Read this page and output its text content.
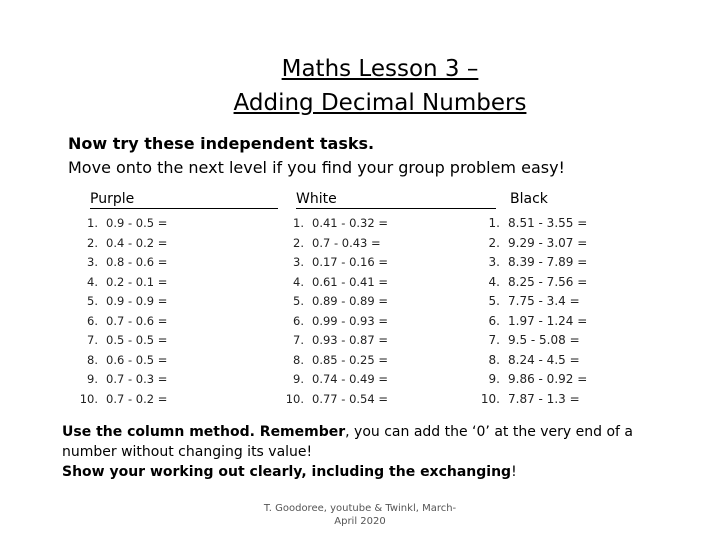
Maths Lesson 3 –
Adding Decimal Numbers
Now try these independent tasks.
Move onto the next level if you find your group problem easy!
Purple	White	Black
1. 0.9 - 0.5 =
2. 0.4 - 0.2 =
3. 0.8 - 0.6 =
4. 0.2 - 0.1 =
5. 0.9 - 0.9 =
6. 0.7 - 0.6 =
7. 0.5 - 0.5 =
8. 0.6 - 0.5 =
9. 0.7 - 0.3 =
10. 0.7 - 0.2 =
1. 0.41 - 0.32 =
2. 0.7 - 0.43 =
3. 0.17 - 0.16 =
4. 0.61 - 0.41 =
5. 0.89 - 0.89 =
6. 0.99 - 0.93 =
7. 0.93 - 0.87 =
8. 0.85 - 0.25 =
9. 0.74 - 0.49 =
10. 0.77 - 0.54 =
1. 8.51 - 3.55 =
2. 9.29 - 3.07 =
3. 8.39 - 7.89 =
4. 8.25 - 7.56 =
5. 7.75 - 3.4 =
6. 1.97 - 1.24 =
7. 9.5 - 5.08 =
8. 8.24 - 4.5 =
9. 9.86 - 0.92 =
10. 7.87 - 1.3 =
Use the column method. Remember, you can add the ‘0’ at the very end of a number without changing its value!
Show your working out clearly, including the exchanging!
T. Goodoree, youtube & Twinkl, March-
April 2020
